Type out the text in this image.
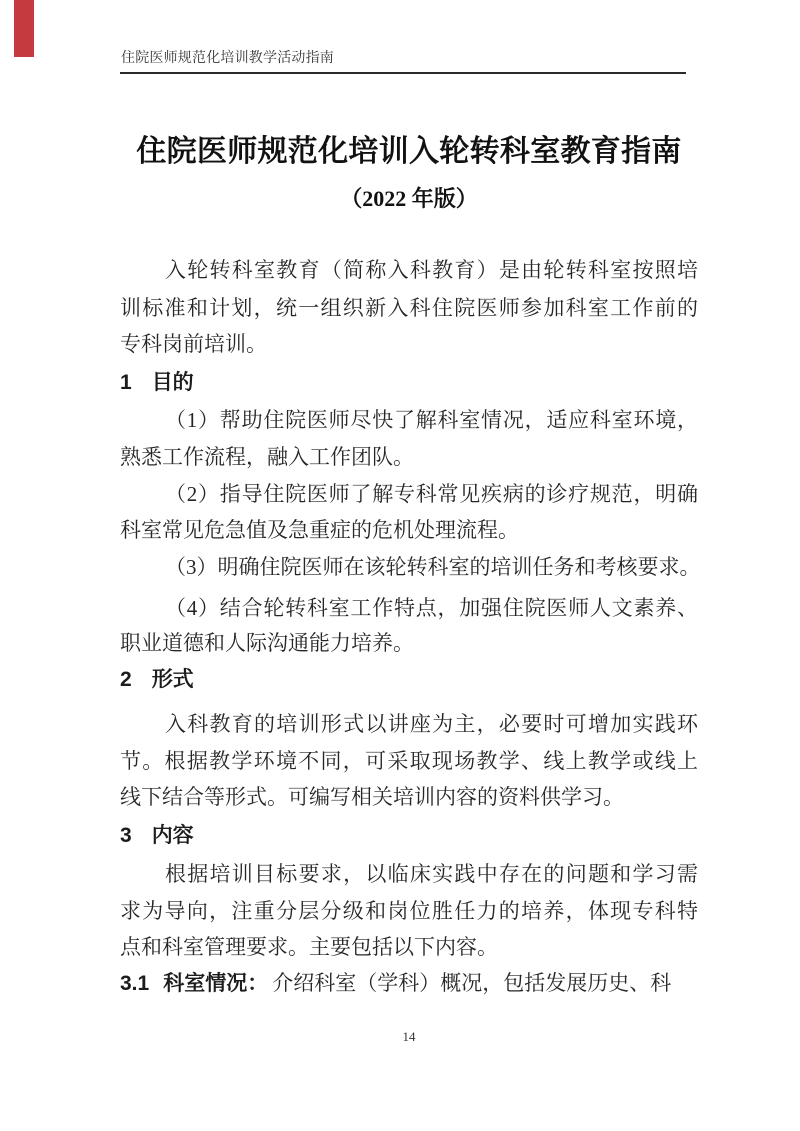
住院医师规范化培训教学活动指南
住院医师规范化培训入轮转科室教育指南
（2022 年版）
入轮转科室教育（简称入科教育）是由轮转科室按照培
训标准和计划，统一组织新入科住院医师参加科室工作前的
专科岗前培训。
1 目的
（1）帮助住院医师尽快了解科室情况，适应科室环境，
熟悉工作流程，融入工作团队。
（2）指导住院医师了解专科常见疾病的诊疗规范，明确
科室常见危急值及急重症的危机处理流程。
（3）明确住院医师在该轮转科室的培训任务和考核要求。
（4）结合轮转科室工作特点，加强住院医师人文素养、
职业道德和人际沟通能力培养。
2 形式
入科教育的培训形式以讲座为主，必要时可增加实践环
节。根据教学环境不同，可采取现场教学、线上教学或线上
线下结合等形式。可编写相关培训内容的资料供学习。
3 内容
根据培训目标要求，以临床实践中存在的问题和学习需
求为导向，注重分层分级和岗位胜任力的培养，体现专科特
点和科室管理要求。主要包括以下内容。
3.1 科室情况： 介绍科室（学科）概况，包括发展历史、科
14
